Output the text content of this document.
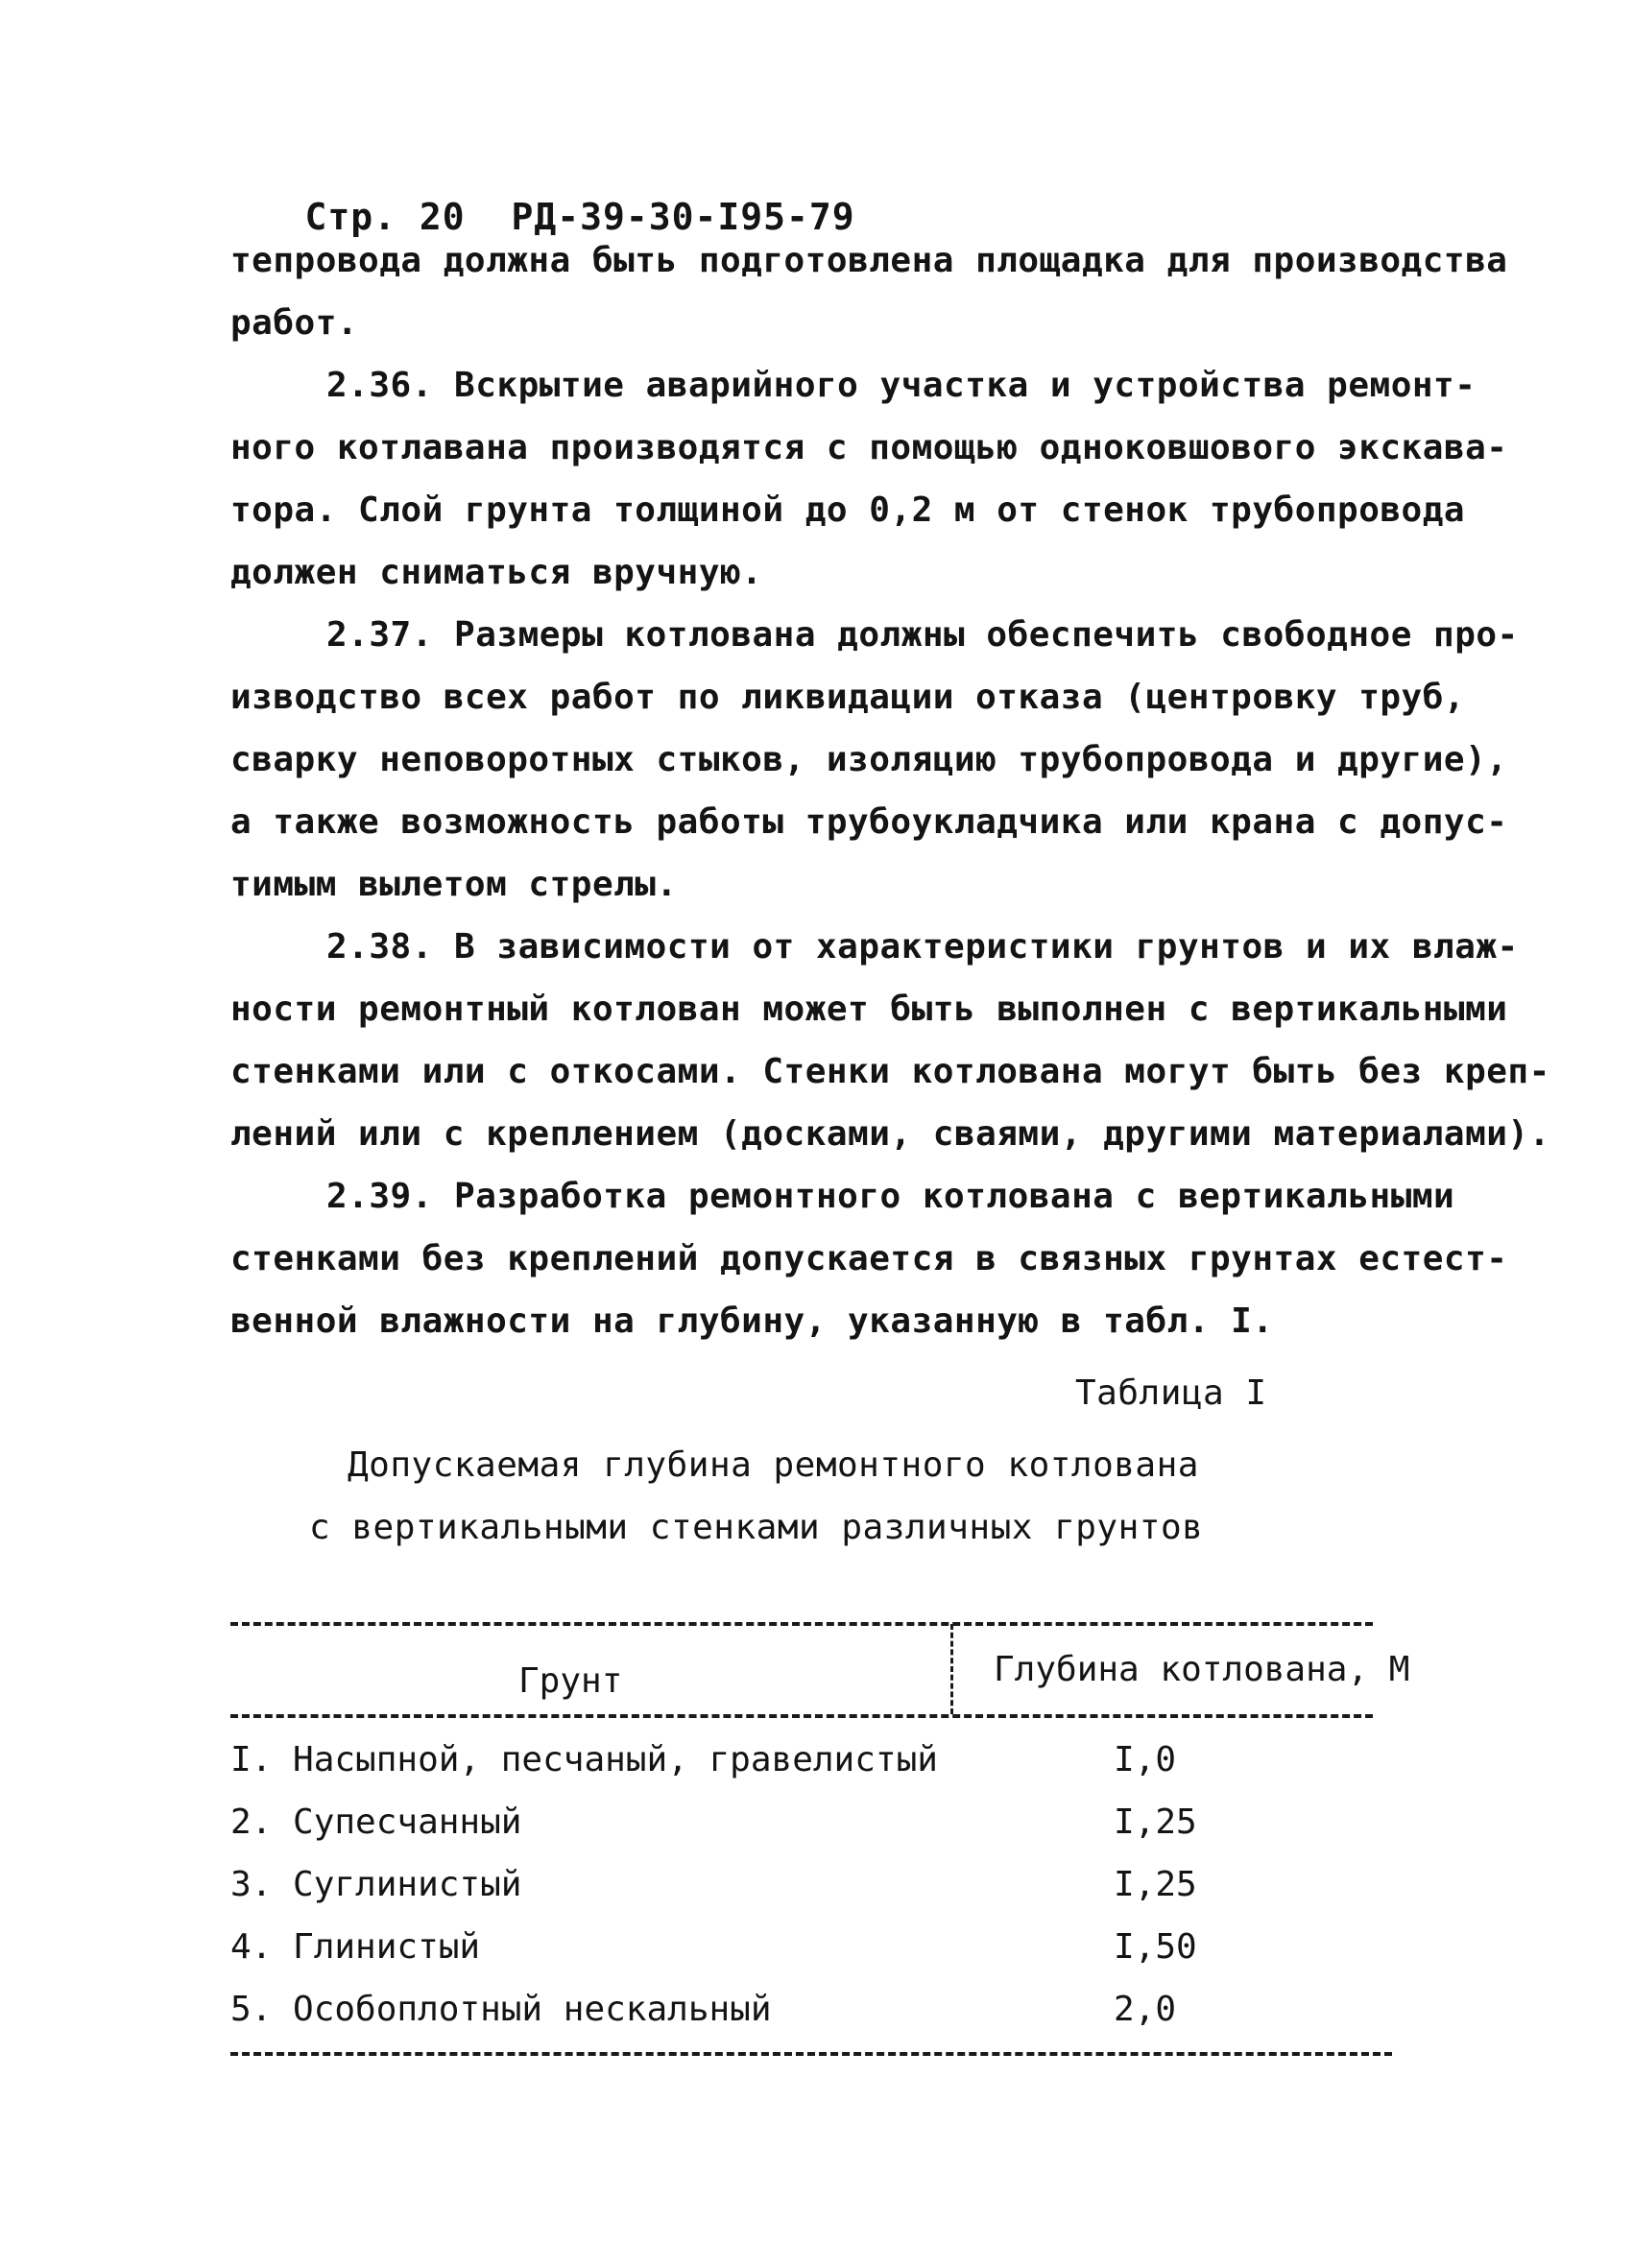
Стр. 20 РД-39-30-I95-79

тепровода должна быть подготовлена площадка для производства
работ.
2.36. Вскрытие аварийного участка и устройства ремонт-
ного котлавана производятся с помощью одноковшового экскава-
тора. Слой грунта толщиной до 0,2 м от стенок трубопровода
должен сниматься вручную.
2.37. Размеры котлована должны обеспечить свободное про-
изводство всех работ по ликвидации отказа (центровку труб,
сварку неповоротных стыков, изоляцию трубопровода и другие),
а также возможность работы трубоукладчика или крана с допус-
тимым вылетом стрелы.
2.38. В зависимости от характеристики грунтов и их влаж-
ности ремонтный котлован может быть выполнен с вертикальными
стенками или с откосами. Стенки котлована могут быть без креп-
лений или с креплением (досками, сваями, другими материалами).
2.39. Разработка ремонтного котлована с вертикальными
стенками без креплений допускается в связных грунтах естест-
венной влажности на глубину, указанную в табл. I.
Таблица I
Допускаемая глубина ремонтного котлована
с вертикальными стенками различных грунтов
Грунт	Глубина котлована, М
I. Насыпной, песчаный, гравелистый	I,0
2. Супесчанный	I,25
3. Суглинистый	I,25
4. Глинистый	I,50
5. Особоплотный нескальный	2,0
